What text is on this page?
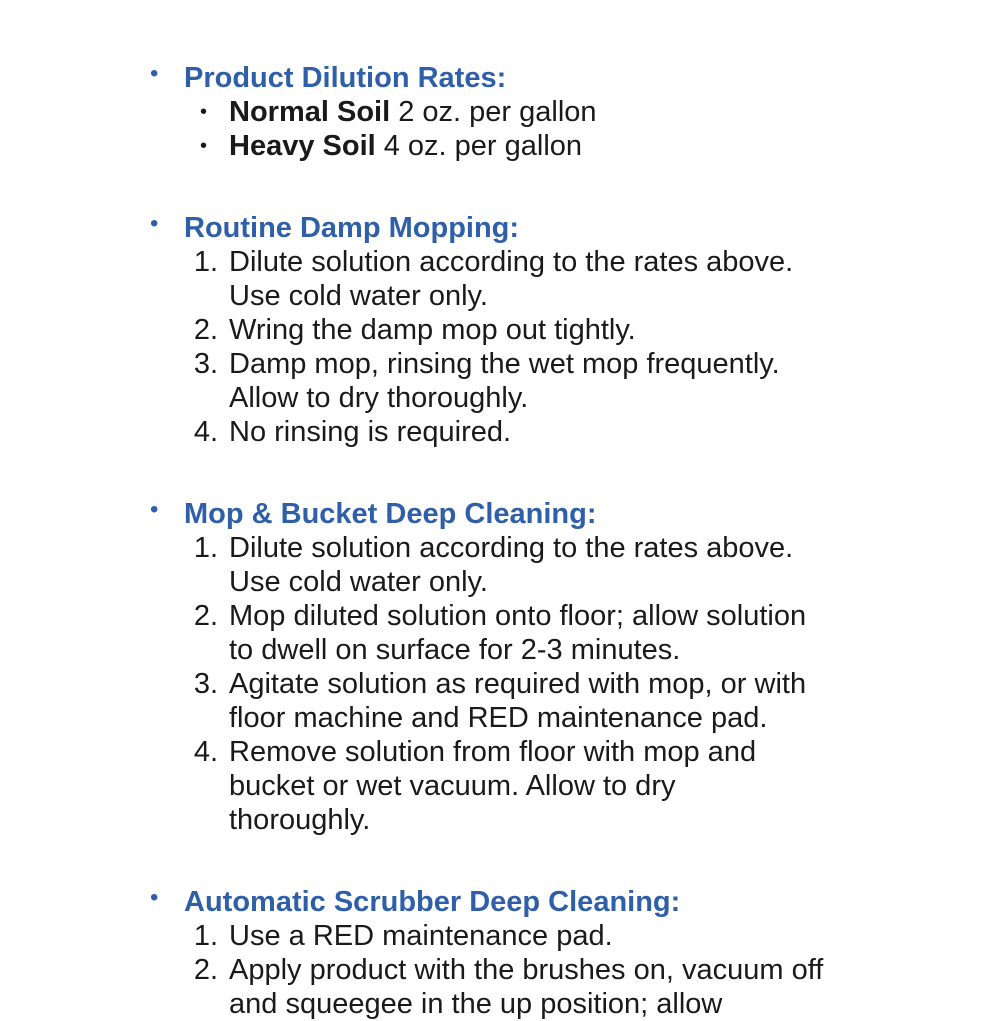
• Product Dilution Rates:
• Normal Soil 2 oz. per gallon
• Heavy Soil 4 oz. per gallon
• Routine Damp Mopping:
1. Dilute solution according to the rates above.
Use cold water only.
2. Wring the damp mop out tightly.
3. Damp mop, rinsing the wet mop frequently.
Allow to dry thoroughly.
4. No rinsing is required.
• Mop & Bucket Deep Cleaning:
1. Dilute solution according to the rates above.
Use cold water only.
2. Mop diluted solution onto floor; allow solution
to dwell on surface for 2-3 minutes.
3. Agitate solution as required with mop, or with
floor machine and RED maintenance pad.
4. Remove solution from floor with mop and
bucket or wet vacuum. Allow to dry
thoroughly.
• Automatic Scrubber Deep Cleaning:
1. Use a RED maintenance pad.
2. Apply product with the brushes on, vacuum off
and squeegee in the up position; allow
